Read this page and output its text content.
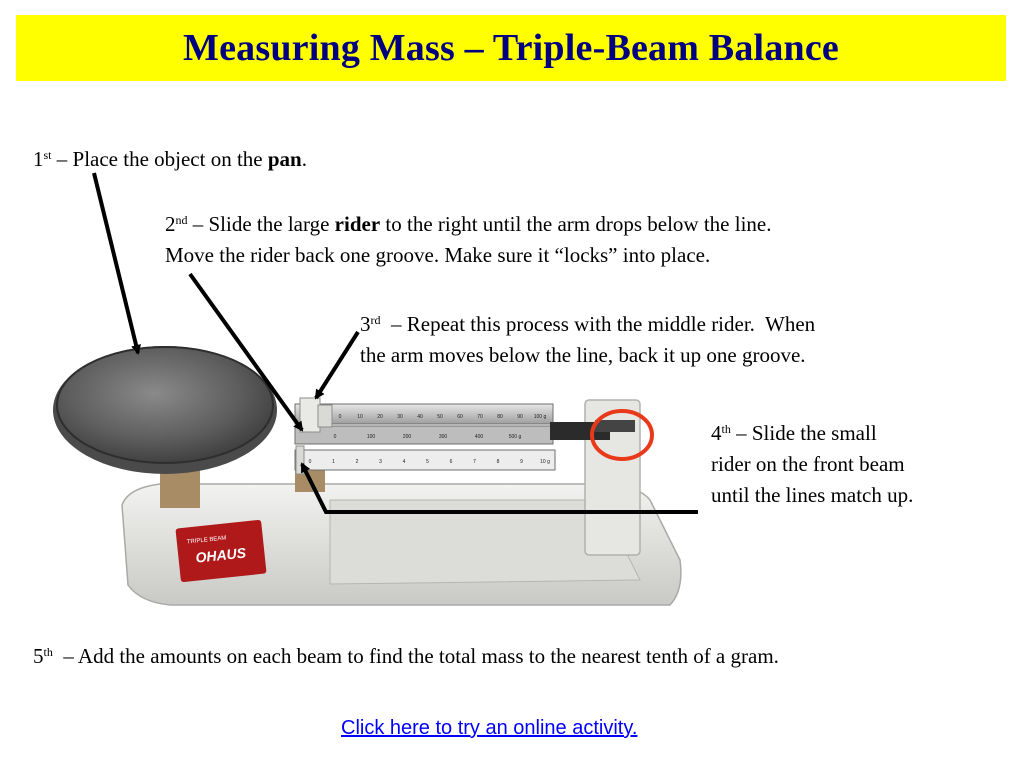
Measuring Mass – Triple-Beam Balance
TRIPLE BEAM
OHAUS
0	10	20	30	40	50	60	70	80	90 100 g
0	100	200	300	400	500 g
0	1	2	3	4	5	6	7	8	9	10 g
1st – Place the object on the pan.
2nd – Slide the large rider to the right until the arm drops below the line.
Move the rider back one groove. Make sure it “locks” into place.
3rd  – Repeat this process with the middle rider.  When
the arm moves below the line, back it up one groove.
4th – Slide the small
rider on the front beam
until the lines match up.
5th  – Add the amounts on each beam to find the total mass to the nearest tenth of a gram.
Click here to try an online activity.
